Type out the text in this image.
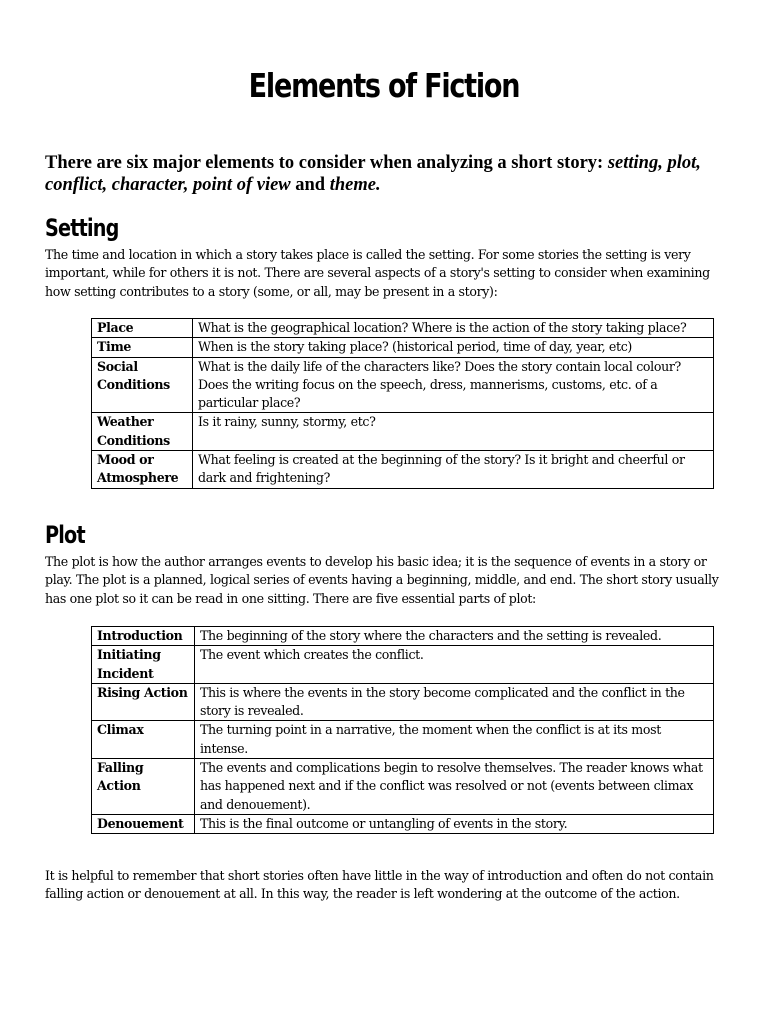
Elements of Fiction
There are six major elements to consider when analyzing a short story: setting, plot, conflict, character, point of view and theme.
Setting
The time and location in which a story takes place is called the setting. For some stories the setting is very important, while for others it is not. There are several aspects of a story's setting to consider when examining how setting contributes to a story (some, or all, may be present in a story):
Place	What is the geographical location? Where is the action of the story taking place?
Time	When is the story taking place? (historical period, time of day, year, etc)
Social Conditions	What is the daily life of the characters like? Does the story contain local colour? Does the writing focus on the speech, dress, mannerisms, customs, etc. of a particular place?
Weather Conditions	Is it rainy, sunny, stormy, etc?
Mood or Atmosphere	What feeling is created at the beginning of the story? Is it bright and cheerful or dark and frightening?
Plot
The plot is how the author arranges events to develop his basic idea; it is the sequence of events in a story or play. The plot is a planned, logical series of events having a beginning, middle, and end. The short story usually has one plot so it can be read in one sitting. There are five essential parts of plot:
Introduction	The beginning of the story where the characters and the setting is revealed.
Initiating Incident	The event which creates the conflict.
Rising Action	This is where the events in the story become complicated and the conflict in the story is revealed.
Climax	The turning point in a narrative, the moment when the conflict is at its most intense.
Falling Action	The events and complications begin to resolve themselves. The reader knows what has happened next and if the conflict was resolved or not (events between climax and denouement).
Denouement	This is the final outcome or untangling of events in the story.
It is helpful to remember that short stories often have little in the way of introduction and often do not contain falling action or denouement at all. In this way, the reader is left wondering at the outcome of the action.
